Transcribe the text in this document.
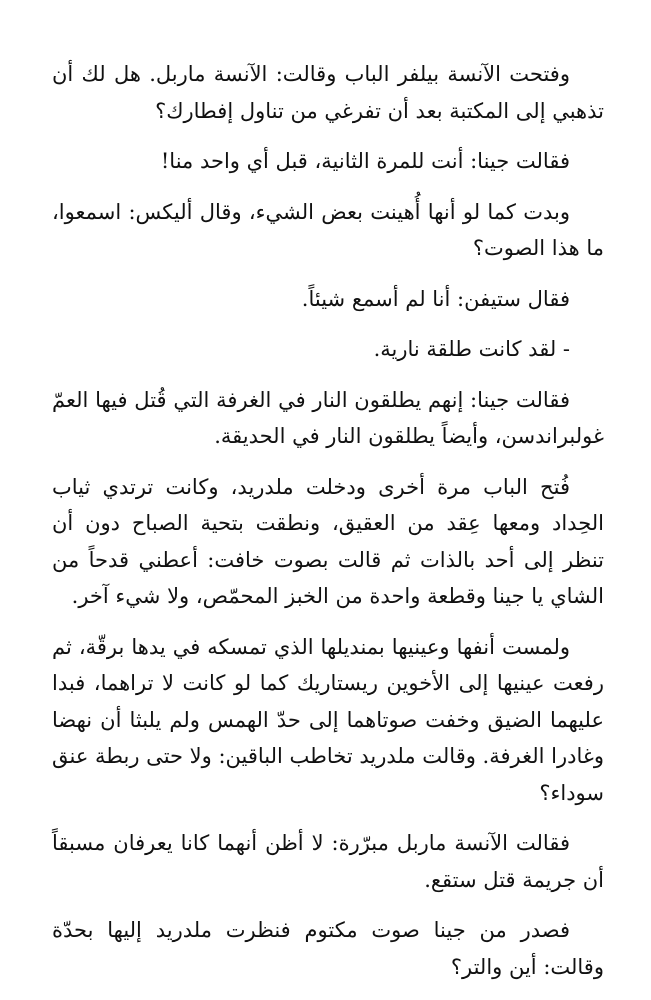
وفتحت الآنسة بيلفر الباب وقالت: الآنسة ماربل. هل لك أن تذهبي إلى المكتبة بعد أن تفرغي من تناول إفطارك؟

فقالت جينا: أنت للمرة الثانية، قبل أي واحد منا!

وبدت كما لو أنها أُهينت بعض الشيء، وقال أليكس: اسمعوا، ما هذا الصوت؟

فقال ستيفن: أنا لم أسمع شيئاً.

- لقد كانت طلقة نارية.

فقالت جينا: إنهم يطلقون النار في الغرفة التي قُتل فيها العمّ غولبراندسن، وأيضاً يطلقون النار في الحديقة.

فُتح الباب مرة أخرى ودخلت ملدريد، وكانت ترتدي ثياب الحِداد ومعها عِقد من العقيق، ونطقت بتحية الصباح دون أن تنظر إلى أحد بالذات ثم قالت بصوت خافت: أعطني قدحاً من الشاي يا جينا وقطعة واحدة من الخبز المحمّص، ولا شيء آخر.

ولمست أنفها وعينيها بمنديلها الذي تمسكه في يدها برقّة، ثم رفعت عينيها إلى الأخوين ريستاريك كما لو كانت لا تراهما، فبدا عليهما الضيق وخفت صوتاهما إلى حدّ الهمس ولم يلبثا أن نهضا وغادرا الغرفة. وقالت ملدريد تخاطب الباقين: ولا حتى ربطة عنق سوداء؟

فقالت الآنسة ماربل مبرّرة: لا أظن أنهما كانا يعرفان مسبقاً أن جريمة قتل ستقع.

فصدر من جينا صوت مكتوم فنظرت ملدريد إليها بحدّة وقالت: أين والتر؟
